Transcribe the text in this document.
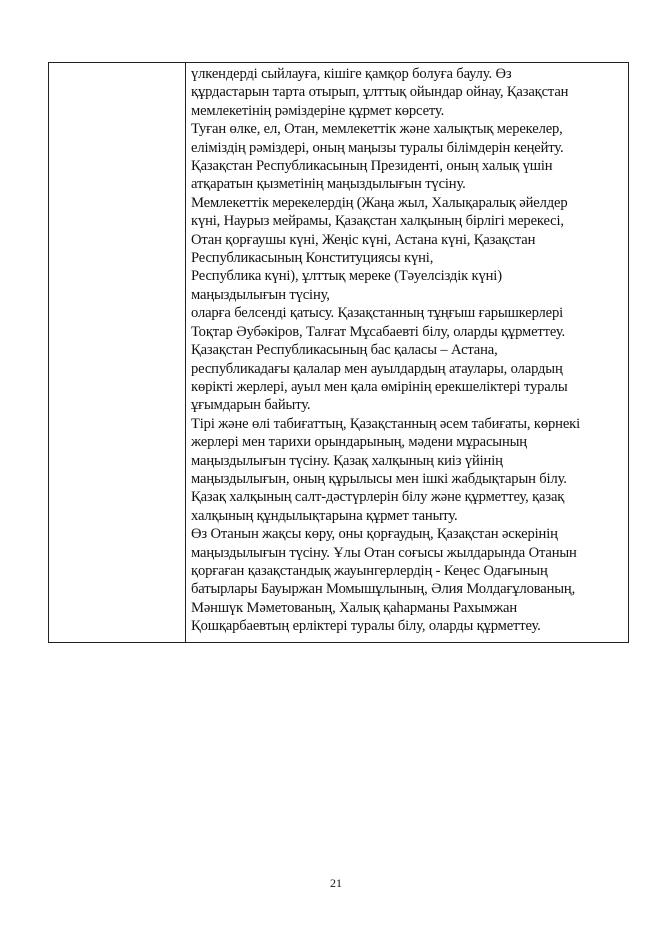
үлкендерді сыйлауға, кішіге қамқор болуға баулу. Өз
құрдастарын тарта отырып, ұлттық ойындар ойнау, Қазақстан
мемлекетінің рәміздеріне құрмет көрсету.
Туған өлке, ел, Отан, мемлекеттік және халықтық мерекелер,
еліміздің рәміздері, оның маңызы туралы білімдерін кеңейту.
Қазақстан Республикасының Президенті, оның халық үшін
атқаратын қызметінің маңыздылығын түсіну.
Мемлекеттік мерекелердің (Жаңа жыл, Халықаралық әйелдер
күні, Наурыз мейрамы, Қазақстан халқының бірлігі мерекесі,
Отан қорғаушы күні, Жеңіс күні, Астана күні, Қазақстан
Республикасының Конституциясы күні,
Республика күні), ұлттық мереке (Тәуелсіздік күні)
маңыздылығын түсіну,
оларға белсенді қатысу. Қазақстанның тұңғыш ғарышкерлері
Тоқтар Әубәкіров, Талғат Мұсабаевті білу, оларды құрметтеу.
Қазақстан Республикасының бас қаласы – Астана,
республикадағы қалалар мен ауылдардың атаулары, олардың
көрікті жерлері, ауыл мен қала өмірінің ерекшеліктері туралы
ұғымдарын байыту.
Тірі және өлі табиғаттың, Қазақстанның әсем табиғаты, көрнекі
жерлері мен тарихи орындарының, мәдени мұрасының
маңыздылығын түсіну. Қазақ халқының киіз үйінің
маңыздылығын, оның құрылысы мен ішкі жабдықтарын білу.
Қазақ халқының салт-дәстүрлерін білу және құрметтеу, қазақ
халқының құндылықтарына құрмет таныту.
Өз Отанын жақсы көру, оны қорғаудың, Қазақстан әскерінің
маңыздылығын түсіну. Ұлы Отан соғысы жылдарында Отанын
қорғаған қазақстандық жауынгерлердің - Кеңес Одағының
батырлары Бауыржан Момышұлының, Әлия Молдағұлованың,
Мәншүк Мәметованың, Халық қаһарманы Рахымжан
Қошқарбаевтың ерліктері туралы білу, оларды құрметтеу.
21
